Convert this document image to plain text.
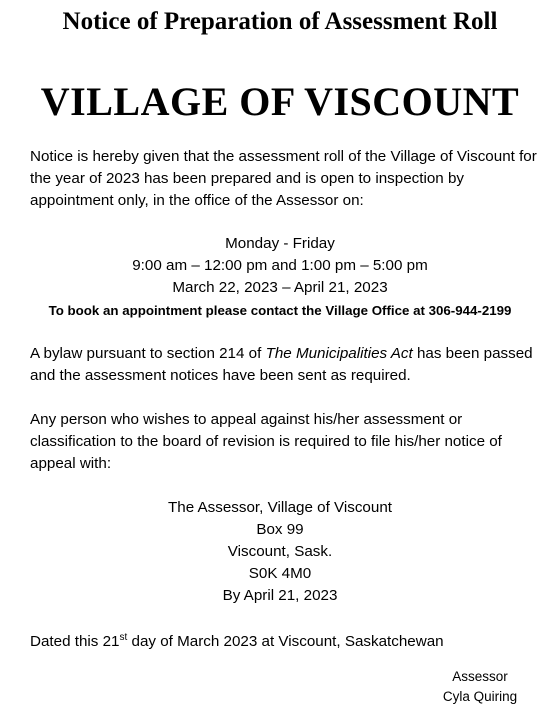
Notice of Preparation of Assessment Roll
VILLAGE OF VISCOUNT

Notice is hereby given that the assessment roll of the Village of Viscount for the year of 2023 has been prepared and is open to inspection by appointment only, in the office of the Assessor on:

Monday - Friday
9:00 am – 12:00 pm and 1:00 pm – 5:00 pm
March 22, 2023 – April 21, 2023
To book an appointment please contact the Village Office at 306-944-2199

A bylaw pursuant to section 214 of The Municipalities Act has been passed and the assessment notices have been sent as required.

Any person who wishes to appeal against his/her assessment or classification to the board of revision is required to file his/her notice of appeal with:

The Assessor, Village of Viscount
Box 99
Viscount, Sask.
S0K 4M0
By April 21, 2023
Dated this 21st day of March 2023 at Viscount, Saskatchewan
Assessor
Cyla Quiring
